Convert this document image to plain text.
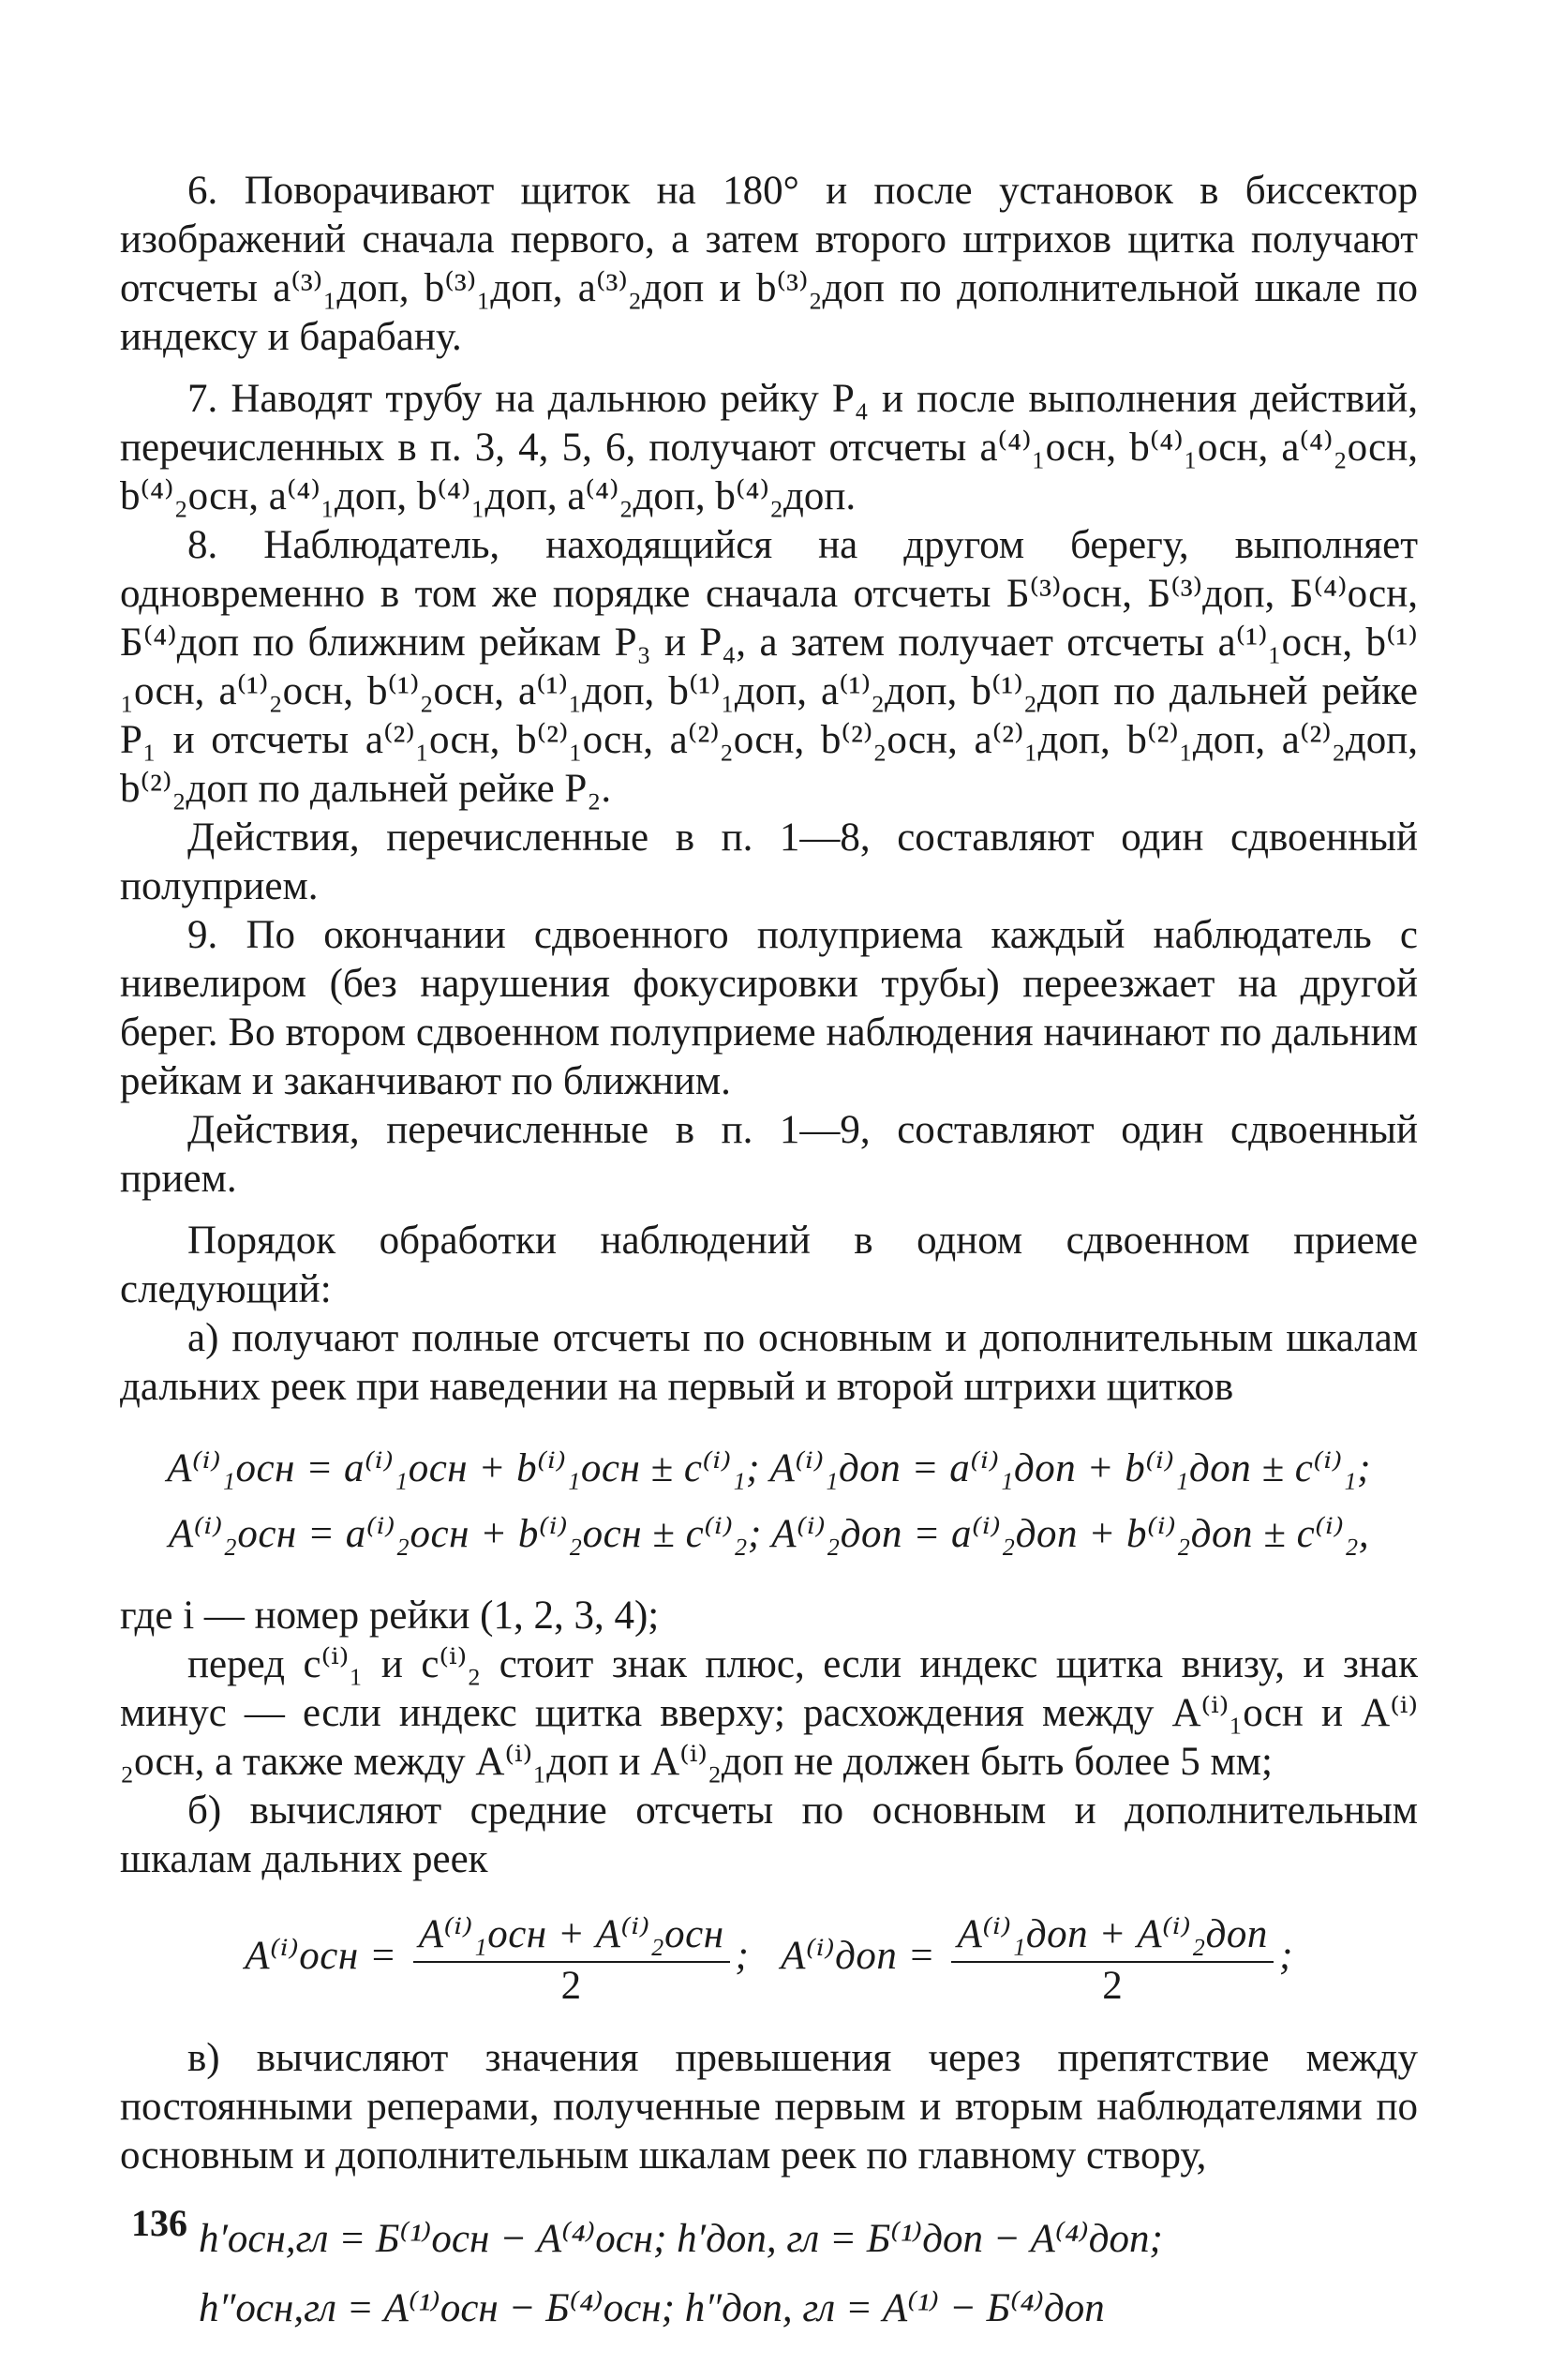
6. Поворачивают щиток на 180° и после установок в биссектор изображений сначала первого, а затем второго штрихов щитка получают отсчеты a⁽³⁾₁доп, b⁽³⁾₁доп, a⁽³⁾₂доп и b⁽³⁾₂доп по дополнительной шкале по индексу и барабану.

7. Наводят трубу на дальнюю рейку P₄ и после выполнения действий, перечисленных в п. 3, 4, 5, 6, получают отсчеты a⁽⁴⁾₁осн, b⁽⁴⁾₁осн, a⁽⁴⁾₂осн, b⁽⁴⁾₂осн, a⁽⁴⁾₁доп, b⁽⁴⁾₁доп, a⁽⁴⁾₂доп, b⁽⁴⁾₂доп.

8. Наблюдатель, находящийся на другом берегу, выполняет одновременно в том же порядке сначала отсчеты Б⁽³⁾осн, Б⁽³⁾доп, Б⁽⁴⁾осн, Б⁽⁴⁾доп по ближним рейкам P₃ и P₄, а затем получает отсчеты a⁽¹⁾₁осн, b⁽¹⁾₁осн, a⁽¹⁾₂осн, b⁽¹⁾₂осн, a⁽¹⁾₁доп, b⁽¹⁾₁доп, a⁽¹⁾₂доп, b⁽¹⁾₂доп по дальней рейке P₁ и отсчеты a⁽²⁾₁осн, b⁽²⁾₁осн, a⁽²⁾₂осн, b⁽²⁾₂осн, a⁽²⁾₁доп, b⁽²⁾₁доп, a⁽²⁾₂доп, b⁽²⁾₂доп по дальней рейке P₂.

Действия, перечисленные в п. 1—8, составляют один сдвоенный полуприем.

9. По окончании сдвоенного полуприема каждый наблюдатель с нивелиром (без нарушения фокусировки трубы) переезжает на другой берег. Во втором сдвоенном полуприеме наблюдения начинают по дальним рейкам и заканчивают по ближним.

Действия, перечисленные в п. 1—9, составляют один сдвоенный прием.

Порядок обработки наблюдений в одном сдвоенном приеме следующий:

а) получают полные отсчеты по основным и дополнительным шкалам дальних реек при наведении на первый и второй штрихи щитков

A⁽ⁱ⁾₁осн = a⁽ⁱ⁾₁осн + b⁽ⁱ⁾₁осн ± c⁽ⁱ⁾₁; A⁽ⁱ⁾₁доп = a⁽ⁱ⁾₁доп + b⁽ⁱ⁾₁доп ± c⁽ⁱ⁾₁;
A⁽ⁱ⁾₂осн = a⁽ⁱ⁾₂осн + b⁽ⁱ⁾₂осн ± c⁽ⁱ⁾₂; A⁽ⁱ⁾₂доп = a⁽ⁱ⁾₂доп + b⁽ⁱ⁾₂доп ± c⁽ⁱ⁾₂,

где i — номер рейки (1, 2, 3, 4);

перед c⁽ⁱ⁾₁ и c⁽ⁱ⁾₂ стоит знак плюс, если индекс щитка внизу, и знак минус — если индекс щитка вверху; расхождения между A⁽ⁱ⁾₁осн и A⁽ⁱ⁾₂осн, а также между A⁽ⁱ⁾₁доп и A⁽ⁱ⁾₂доп не должен быть более 5 мм;

б) вычисляют средние отсчеты по основным и дополнительным шкалам дальних реек

$A^{(i)}осн = \frac{\text{A⁽ⁱ⁾₁осн + A⁽ⁱ⁾₂осн}}{2}$ ;   $A^{(i)}доп = \frac{\text{A⁽ⁱ⁾₁доп + A⁽ⁱ⁾₂доп}}{2}$ ;

в) вычисляют значения превышения через препятствие между постоянными реперами, полученные первым и вторым наблюдателями по основным и дополнительным шкалам реек по главному створу,

h′осн,гл = Б⁽¹⁾осн − A⁽⁴⁾осн; h′доп, гл = Б⁽¹⁾доп − A⁽⁴⁾доп;
h″осн,гл = A⁽¹⁾осн − Б⁽⁴⁾осн; h″доп, гл = A⁽¹⁾ − Б⁽⁴⁾доп
136
